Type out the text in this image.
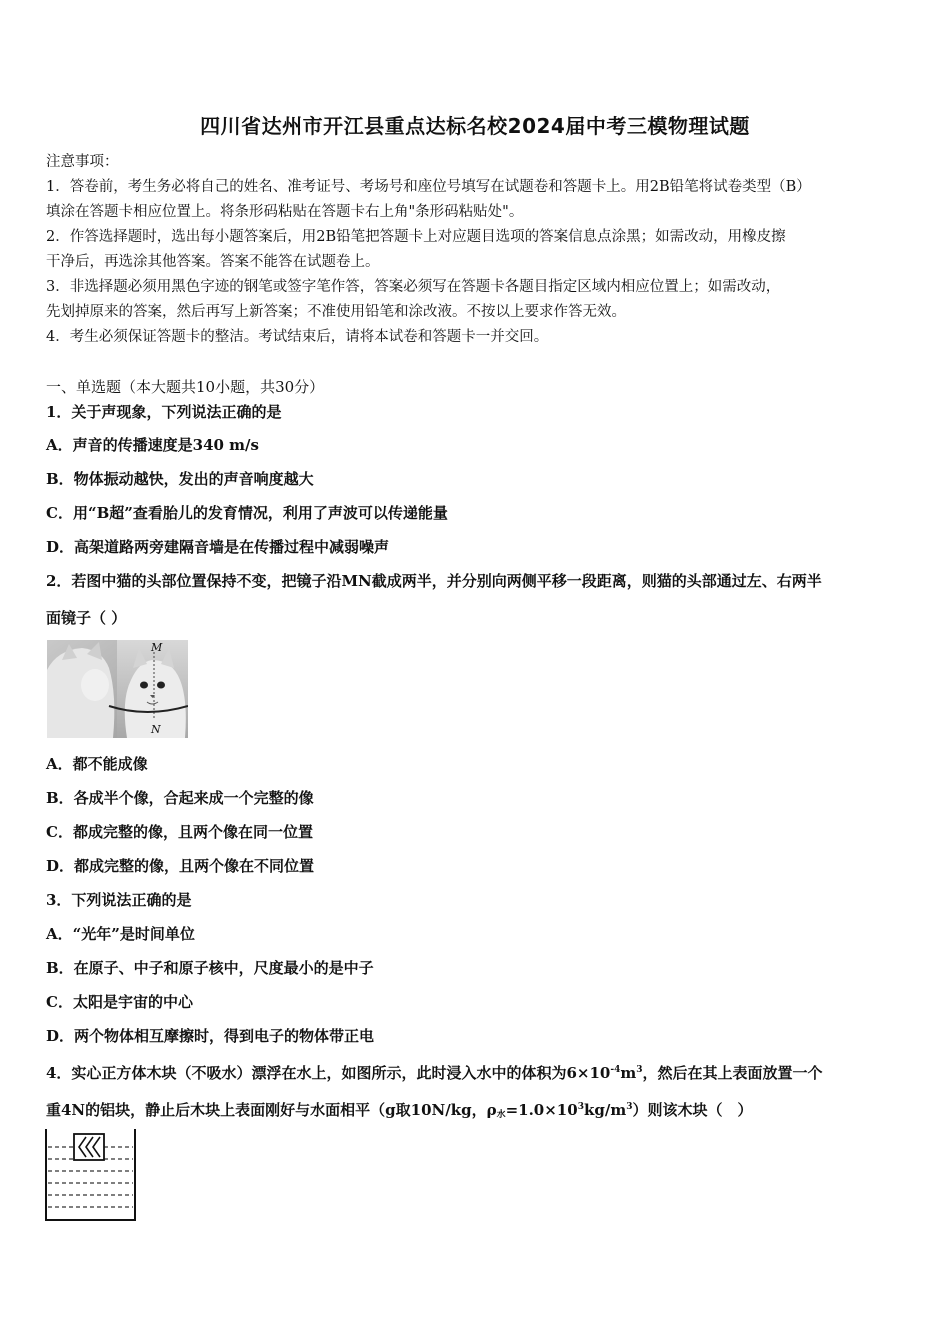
四川省达州市开江县重点达标名校2024届中考三模物理试题
注意事项：
1．答卷前，考生务必将自己的姓名、准考证号、考场号和座位号填写在试题卷和答题卡上。用2B铅笔将试卷类型（B）
填涂在答题卡相应位置上。将条形码粘贴在答题卡右上角"条形码粘贴处"。
2．作答选择题时，选出每小题答案后，用2B铅笔把答题卡上对应题目选项的答案信息点涂黑；如需改动，用橡皮擦
干净后，再选涂其他答案。答案不能答在试题卷上。
3．非选择题必须用黑色字迹的钢笔或签字笔作答，答案必须写在答题卡各题目指定区域内相应位置上；如需改动，
先划掉原来的答案，然后再写上新答案；不准使用铅笔和涂改液。不按以上要求作答无效。
4．考生必须保证答题卡的整洁。考试结束后，请将本试卷和答题卡一并交回。
一、单选题（本大题共10小题，共30分）
1．关于声现象，下列说法正确的是
A．声音的传播速度是340 m/s
B．物体振动越快，发出的声音响度越大
C．用“B超”查看胎儿的发育情况，利用了声波可以传递能量
D．高架道路两旁建隔音墙是在传播过程中减弱噪声
2．若图中猫的头部位置保持不变，把镜子沿MN截成两半，并分别向两侧平移一段距离，则猫的头部通过左、右两半
面镜子（ ）
M
N
A．都不能成像
B．各成半个像，合起来成一个完整的像
C．都成完整的像，且两个像在同一位置
D．都成完整的像，且两个像在不同位置
3．下列说法正确的是
A．“光年”是时间单位
B．在原子、中子和原子核中，尺度最小的是中子
C．太阳是宇宙的中心
D．两个物体相互摩擦时，得到电子的物体带正电
4．实心正方体木块（不吸水）漂浮在水上，如图所示，此时浸入水中的体积为$6\times 10^{-4}m^3$，然后在其上表面放置一个
重4N的铝块，静止后木块上表面刚好与水面相平（g取10N/kg，$\rho_水=1.0\times 10^3kg/m^3$）则该木块（　）
